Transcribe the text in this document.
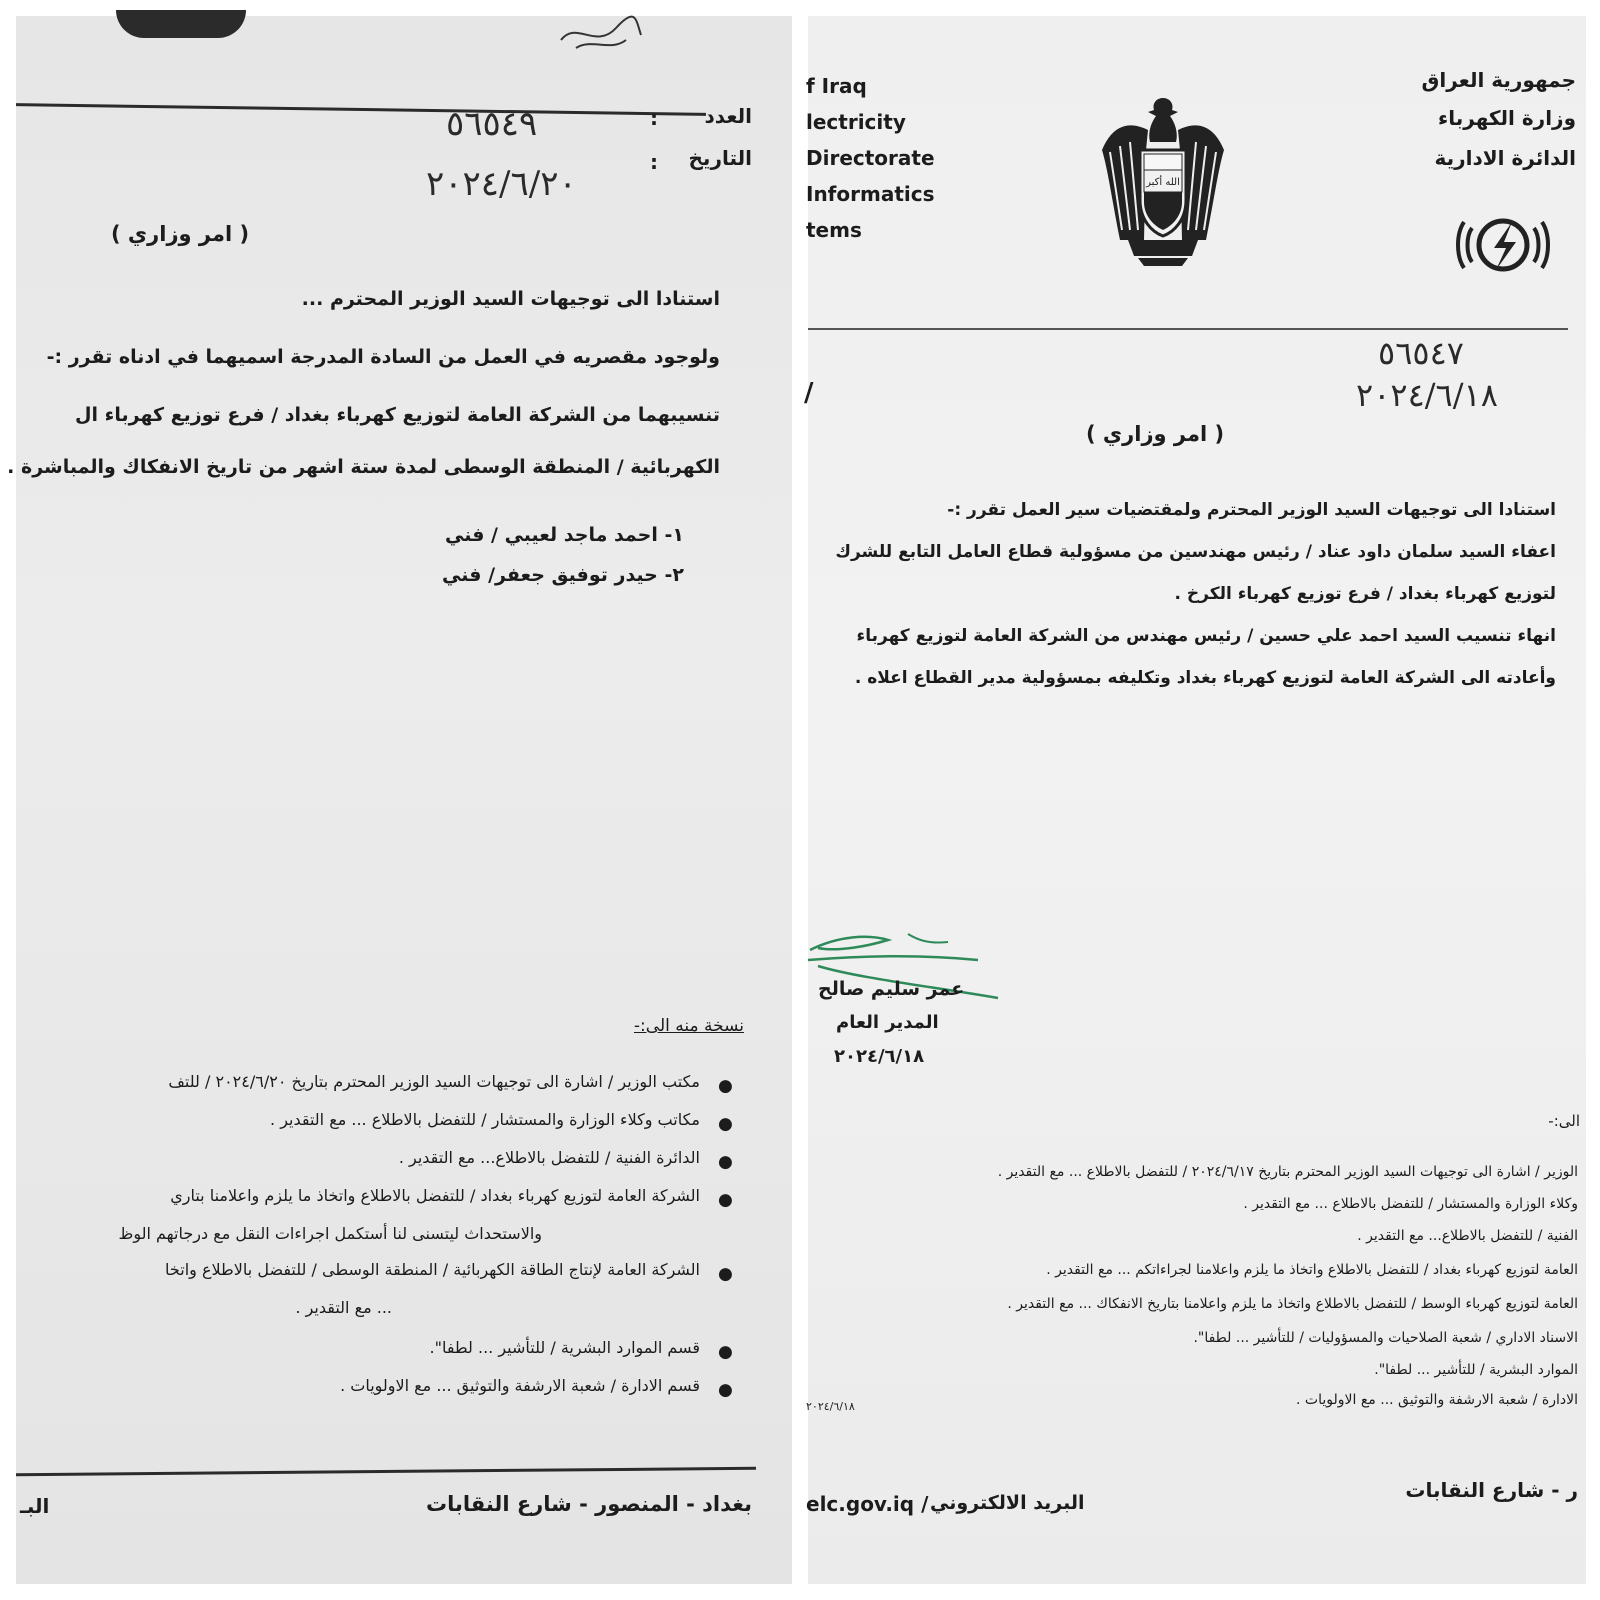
العدد
:
٥٦٥٤٩
التاريخ
:
٢٠٢٤/٦/٢٠
( امر وزاري )
استنادا الى توجيهات السيد الوزير المحترم ...
ولوجود مقصريه في العمل من السادة المدرجة اسميهما في ادناه تقرر :-
تنسيبهما من الشركة العامة لتوزيع كهرباء بغداد / فرع توزيع كهرباء ال
الكهربائية / المنطقة الوسطى لمدة ستة اشهر من تاريخ الانفكاك والمباشرة .
١- احمد ماجد لعيبي / فني
٢- حيدر توفيق جعفر/ فني
نسخة منه الى:-
●
مكتب الوزير / اشارة الى توجيهات السيد الوزير المحترم بتاريخ ٢٠٢٤/٦/٢٠ / للتف
●
مكاتب وكلاء الوزارة والمستشار / للتفضل بالاطلاع ... مع التقدير .
●
الدائرة الفنية / للتفضل بالاطلاع... مع التقدير .
●
الشركة العامة لتوزيع كهرباء بغداد / للتفضل بالاطلاع واتخاذ ما يلزم واعلامنا بتاري
والاستحداث ليتسنى لنا أستكمل اجراءات النقل مع درجاتهم الوظ
●
الشركة العامة لإنتاج الطاقة الكهربائية / المنطقة الوسطى / للتفضل بالاطلاع واتخا
... مع التقدير .
●
قسم الموارد البشرية / للتأشير ... لطفا".
●
قسم الادارة / شعبة الارشفة والتوثيق ... مع الاولويات .
بغداد - المنصور - شارع النقابات
البـ
جمهورية العراق
وزارة الكهرباء
الدائرة الادارية
f Iraq
lectricity
Directorate
Informatics
tems
الله أكبر
٥٦٥٤٧
٢٠٢٤/٦/١٨
/
( امر وزاري )
استنادا الى توجيهات السيد الوزير المحترم ولمقتضيات سير العمل تقرر :-
اعفاء السيد سلمان داود عناد / رئيس مهندسين من مسؤولية قطاع العامل التابع للشرك
لتوزيع كهرباء بغداد / فرع توزيع كهرباء الكرخ .
انهاء تنسيب السيد احمد علي حسين / رئيس مهندس من الشركة العامة لتوزيع كهرباء
وأعادته الى الشركة العامة لتوزيع كهرباء بغداد وتكليفه بمسؤولية مدير القطاع اعلاه .
عمر سليم صالح
المدير العام
٢٠٢٤/٦/١٨
الى:-
الوزير / اشارة الى توجيهات السيد الوزير المحترم بتاريخ ٢٠٢٤/٦/١٧ / للتفضل بالاطلاع ... مع التقدير .
وكلاء الوزارة والمستشار / للتفضل بالاطلاع ... مع التقدير .
الفنية / للتفضل بالاطلاع... مع التقدير .
العامة لتوزيع كهرباء بغداد / للتفضل بالاطلاع واتخاذ ما يلزم واعلامنا لجراءاتكم ... مع التقدير .
العامة لتوزيع كهرباء الوسط / للتفضل بالاطلاع واتخاذ ما يلزم واعلامنا بتاريخ الانفكاك ... مع التقدير .
الاسناد الاداري / شعبة الصلاحيات والمسؤوليات / للتأشير ... لطفا".
الموارد البشرية / للتأشير ... لطفا".
الادارة / شعبة الارشفة والتوثيق ... مع الاولويات .
٢٠٢٤/٦/١٨
elc.gov.iq / البريد الالكتروني
ر - شارع النقابات
